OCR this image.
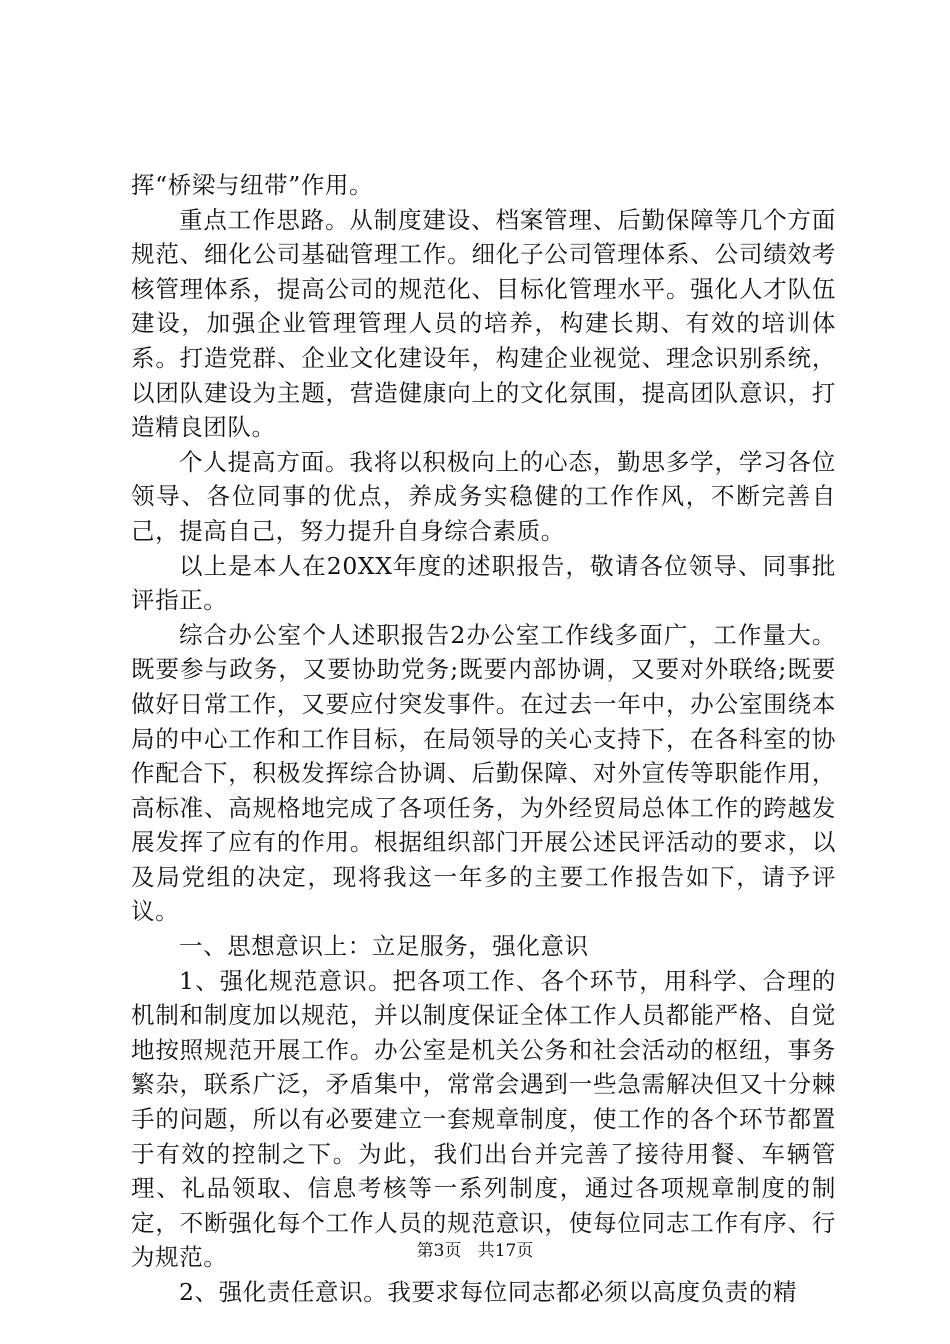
挥“桥梁与纽带”作用。

重点工作思路。从制度建设、档案管理、后勤保障等几个方面规范、细化公司基础管理工作。细化子公司管理体系、公司绩效考核管理体系，提高公司的规范化、目标化管理水平。强化人才队伍建设，加强企业管理管理人员的培养，构建长期、有效的培训体系。打造党群、企业文化建设年，构建企业视觉、理念识别系统，以团队建设为主题，营造健康向上的文化氛围，提高团队意识，打造精良团队。

个人提高方面。我将以积极向上的心态，勤思多学，学习各位领导、各位同事的优点，养成务实稳健的工作作风，不断完善自己，提高自己，努力提升自身综合素质。

以上是本人在20XX年度的述职报告，敬请各位领导、同事批评指正。

综合办公室个人述职报告2办公室工作线多面广，工作量大。既要参与政务，又要协助党务;既要内部协调，又要对外联络;既要做好日常工作，又要应付突发事件。在过去一年中，办公室围绕本局的中心工作和工作目标，在局领导的关心支持下，在各科室的协作配合下，积极发挥综合协调、后勤保障、对外宣传等职能作用，高标准、高规格地完成了各项任务，为外经贸局总体工作的跨越发展发挥了应有的作用。根据组织部门开展公述民评活动的要求，以及局党组的决定，现将我这一年多的主要工作报告如下，请予评议。

一、思想意识上：立足服务，强化意识

1、强化规范意识。把各项工作、各个环节，用科学、合理的机制和制度加以规范，并以制度保证全体工作人员都能严格、自觉地按照规范开展工作。办公室是机关公务和社会活动的枢纽，事务繁杂，联系广泛，矛盾集中，常常会遇到一些急需解决但又十分棘手的问题，所以有必要建立一套规章制度，使工作的各个环节都置于有效的控制之下。为此，我们出台并完善了接待用餐、车辆管理、礼品领取、信息考核等一系列制度，通过各项规章制度的制定，不断强化每个工作人员的规范意识，使每位同志工作有序、行为规范。

2、强化责任意识。我要求每位同志都必须以高度负责的精

第3页 共17页
